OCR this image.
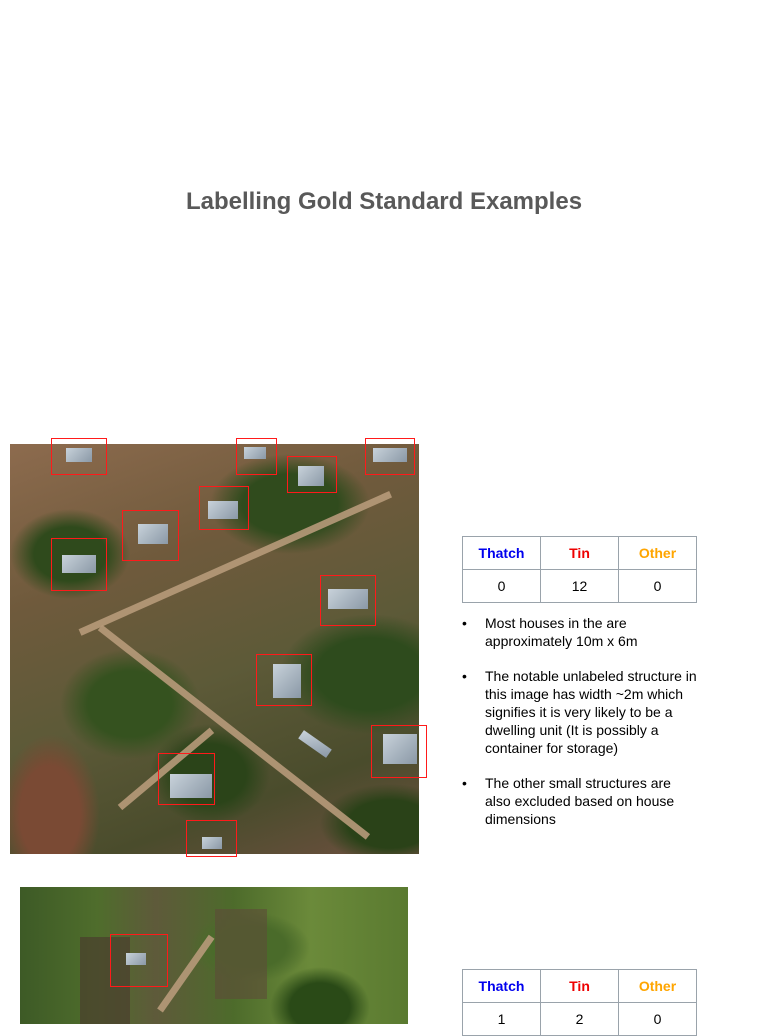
Labelling Gold Standard Examples
Thatch	Tin	Other
0	12	0
• Most houses in the are approximately 10m x 6m
• The notable unlabeled structure in this image has width ~2m which signifies it is very likely to be a dwelling unit (It is possibly a container for storage)
• The other small structures are also excluded based on house dimensions
Thatch	Tin	Other
1	2	0
